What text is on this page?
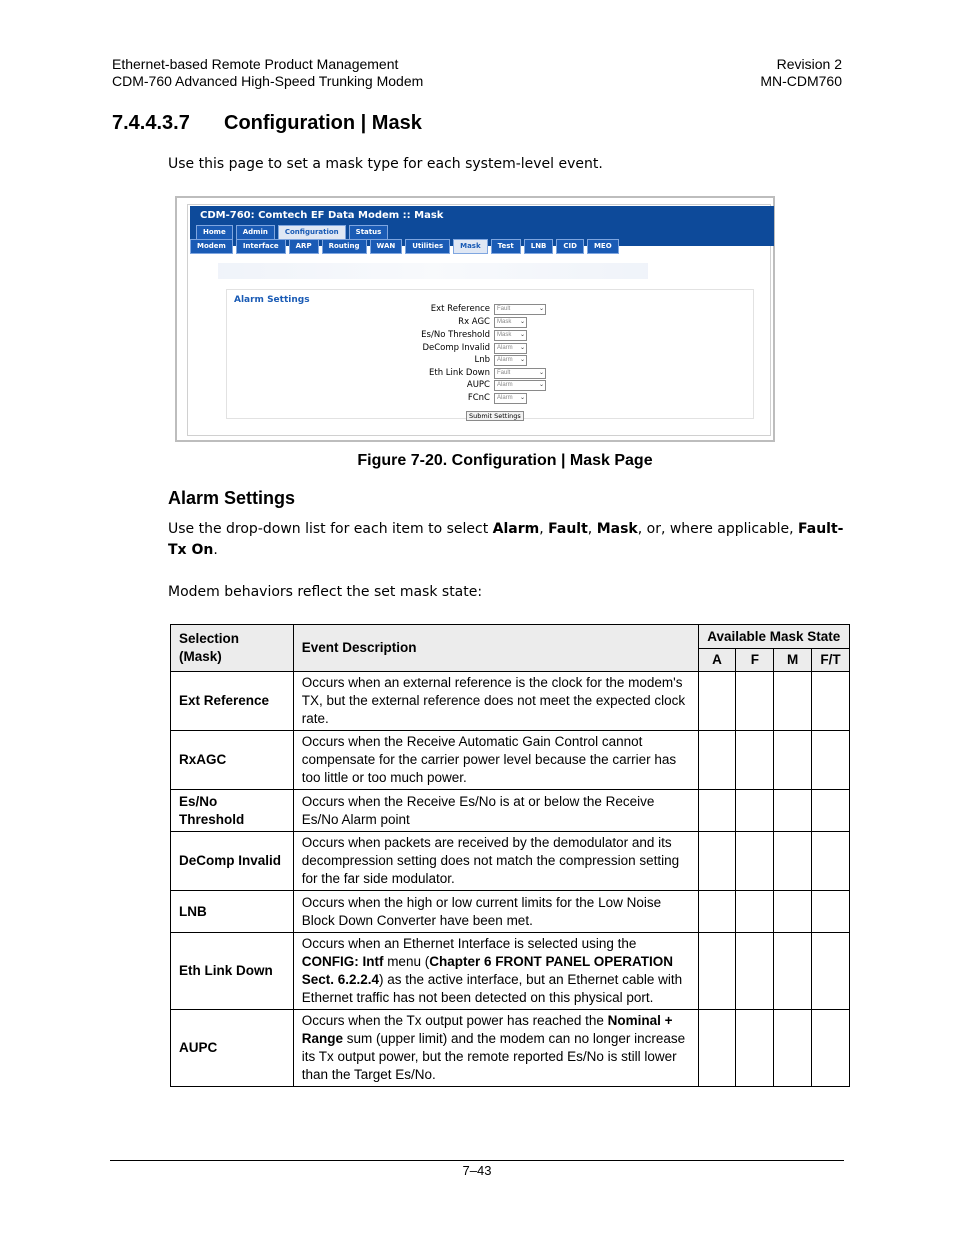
Ethernet-based Remote Product Management
CDM-760 Advanced High-Speed Trunking Modem
Revision 2
MN-CDM760
7.4.4.3.7 Configuration | Mask
Use this page to set a mask type for each system-level event.
CDM-760: Comtech EF Data Modem :: Mask
Home	Admin	Configuration	Status
Modem	Interface	ARP	Routing	WAN	Utilities	Mask	Test	LNB	CID	MEO
Alarm Settings
Ext Reference	Fault	⌄
Rx AGC	Mask ⌄
Es/No Threshold	Mask ⌄
DeComp Invalid	Alarm ⌄
Lnb	Alarm ⌄
Eth Link Down	Fault	⌄
AUPC	Alarm	⌄
FCnC	Alarm ⌄
Submit Settings
Figure 7-20. Configuration | Mask Page
Alarm Settings
Use the drop-down list for each item to select Alarm, Fault, Mask, or, where applicable, Fault-Tx On.
Modem behaviors reflect the set mask state:
Selection (Mask)	Event Description	Available Mask State			
		A	F	M	F/T
Ext Reference	Occurs when an external reference is the clock for the modem's TX, but the external reference does not meet the expected clock rate.				
RxAGC	Occurs when the Receive Automatic Gain Control cannot compensate for the carrier power level because the carrier has too little or too much power.				
Es/No Threshold	Occurs when the Receive Es/No is at or below the Receive Es/No Alarm point				
DeComp Invalid	Occurs when packets are received by the demodulator and its decompression setting does not match the compression setting for the far side modulator.				
LNB	Occurs when the high or low current limits for the Low Noise Block Down Converter have been met.				
Eth Link Down	Occurs when an Ethernet Interface is selected using the CONFIG: Intf menu (Chapter 6 FRONT PANEL OPERATION Sect. 6.2.2.4) as the active interface, but an Ethernet cable with Ethernet traffic has not been detected on this physical port.				
AUPC	Occurs when the Tx output power has reached the Nominal + Range sum (upper limit) and the modem can no longer increase its Tx output power, but the remote reported Es/No is still lower than the Target Es/No.				
7–43
